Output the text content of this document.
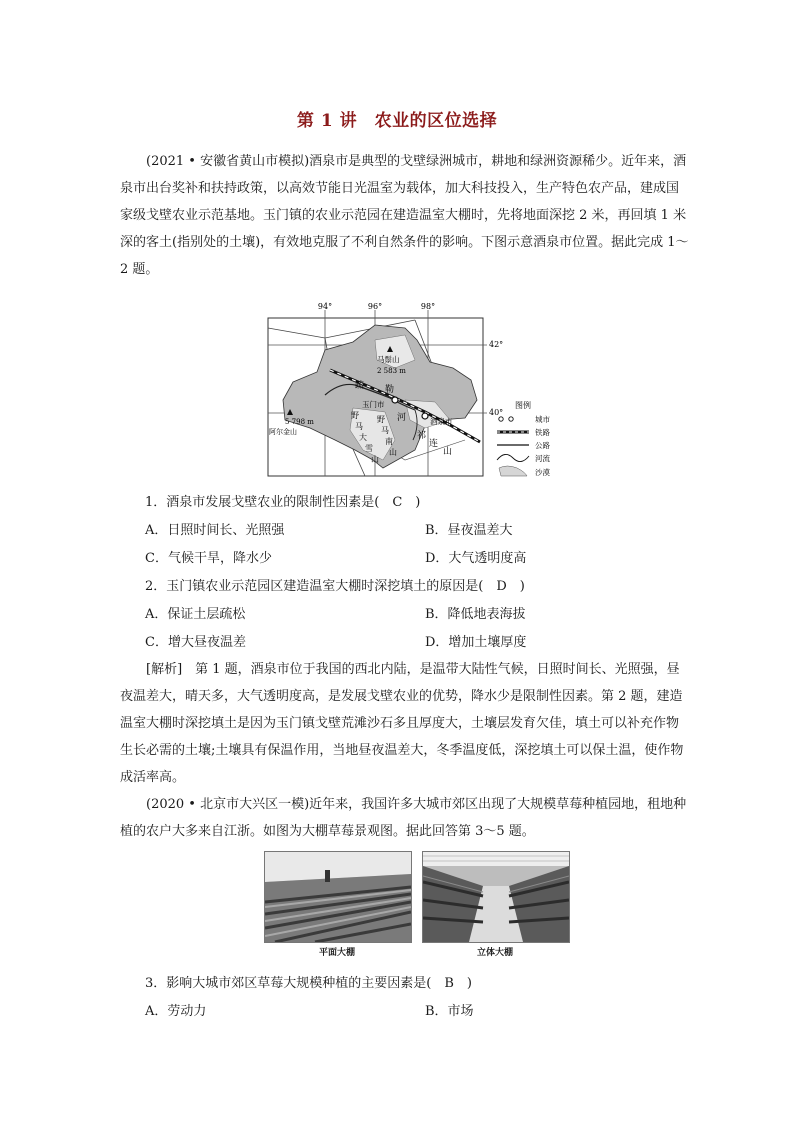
第 1 讲　农业的区位选择

(2021 • 安徽省黄山市模拟)酒泉市是典型的戈壁绿洲城市，耕地和绿洲资源稀少。近年来，酒泉市出台奖补和扶持政策，以高效节能日光温室为载体，加大科技投入，生产特色农产品，建成国家级戈壁农业示范基地。玉门镇的农业示范园在建造温室大棚时，先将地面深挖 2 米，再回填 1 米深的客土(指别处的土壤)，有效地克服了不利自然条件的影响。下图示意酒泉市位置。据此完成 1～2 题。

94°	96°	98°
42°
40°
马鬃山
2 583 m
5 798 m
阿尔金山
玉门市
酒泉市
疏 勒
河
祁
连
山
野
马
南
山
野
马
大
雪
山
图例
城市
铁路
公路
河流
沙漠
1．酒泉市发展戈壁农业的限制性因素是(　C　)
A．日照时间长、光照强	B．昼夜温差大
C．气候干旱，降水少	D．大气透明度高
2．玉门镇农业示范园区建造温室大棚时深挖填土的原因是(　D　)
A．保证土层疏松	B．降低地表海拔
C．增大昼夜温差	D．增加土壤厚度

[解析]　第 1 题，酒泉市位于我国的西北内陆，是温带大陆性气候，日照时间长、光照强，昼夜温差大，晴天多，大气透明度高，是发展戈壁农业的优势，降水少是限制性因素。第 2 题，建造温室大棚时深挖填土是因为玉门镇戈壁荒滩沙石多且厚度大，土壤层发育欠佳，填土可以补充作物生长必需的土壤;土壤具有保温作用，当地昼夜温差大，冬季温度低，深挖填土可以保土温，使作物成活率高。

(2020 • 北京市大兴区一模)近年来，我国许多大城市郊区出现了大规模草莓种植园地，租地种植的农户大多来自江浙。如图为大棚草莓景观图。据此回答第 3～5 题。

平面大棚	立体大棚
3．影响大城市郊区草莓大规模种植的主要因素是(　B　)
A．劳动力	B．市场
